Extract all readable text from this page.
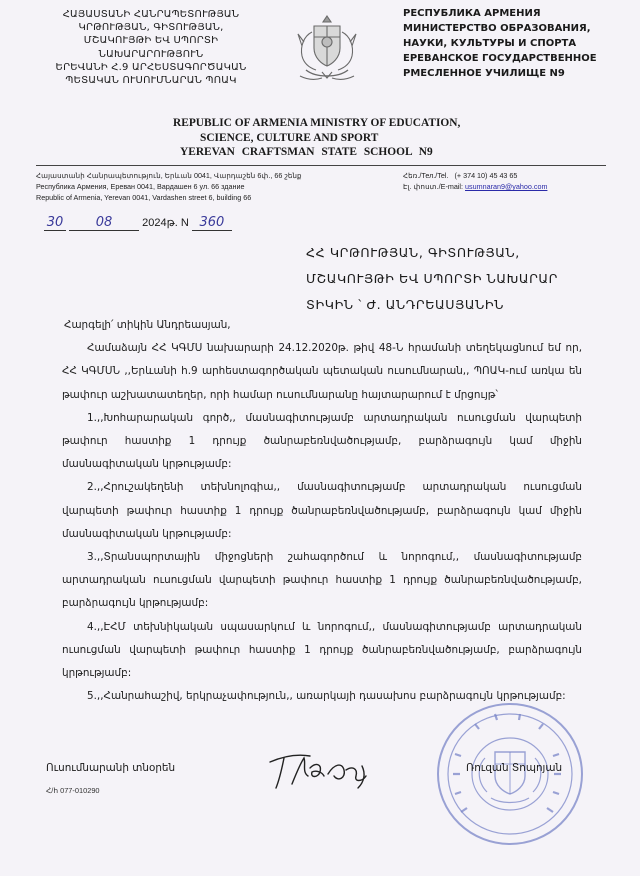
ՀԱՅԱՍՏԱՆԻ ՀԱՆՐԱՊԵՏՈՒԹՅԱՆ
ԿՐԹՈՒԹՅԱՆ, ԳԻՏՈՒԹՅԱՆ,
ՄՇԱԿՈՒՅԹԻ ԵՎ ՍՊՈՐՏԻ
ՆԱԽԱՐԱՐՈՒԹՅՈՒՆ
ԵՐԵՎԱՆԻ Հ.9 ԱՐՀԵՍՏԱԳՈՐԾԱԿԱՆ
ՊԵՏԱԿԱՆ ՈՒՍՈՒՄՆԱՐԱՆ ՊՈԱԿ
РЕСПУБЛИКА АРМЕНИЯ
МИНИСТЕРСТВО ОБРАЗОВАНИЯ,
НАУКИ, КУЛЬТУРЫ И СПОРТА
ЕРЕВАНСКОЕ ГОСУДАРСТВЕННОЕ
РМЕСЛЕННОЕ УЧИЛИЩЕ N9
REPUBLIC OF ARMENIA MINISTRY OF EDUCATION,
SCIENCE, CULTURE AND SPORT
YEREVAN CRAFTSMAN STATE SCHOOL N9
Հայաստանի Հանրապետություն, Երևան 0041, Վարդաշեն 6փ., 66 շենք
Республика Армения, Ереван 0041, Вардашен 6 ул. 66 здание
Republic of Armenia, Yerevan 0041, Vardashen street 6, building 66
Հեռ./Тел./Tel. (+ 374 10) 45 43 65
Էլ. փոստ./E-mail: usumnaran9@yahoo.com
30	08	2024թ. N 360
ՀՀ ԿՐԹՈՒԹՅԱՆ, ԳԻՏՈՒԹՅԱՆ,
ՄՇԱԿՈՒՅԹԻ ԵՎ ՍՊՈՐՏԻ ՆԱԽԱՐԱՐ
ՏԻԿԻՆ ՝ Ժ. ԱՆԴՐԵԱՍՅԱՆԻՆ

Հարգելի՛ տիկին Անդրեասյան,

Համաձայն ՀՀ ԿԳՄՍ նախարարի 24.12.2020թ. թիվ 48-Ն հրամանի տեղեկացնում եմ որ, ՀՀ ԿԳՄՍՆ ,,Երևանի հ.9 արհեստագործական պետական ուսումնարան,, ՊՈԱԿ-ում առկա են թափուր աշխատատեղեր, որի համար ուսումնարանը հայտարարում է մրցույթ՝

1.,,Խոհարարական գործ,, մասնագիտությամբ արտադրական ուսուցման վարպետի թափուր հաստիք 1 դրույք ծանրաբեռնվածությամբ, բարձրագույն կամ միջին մասնագիտական կրթությամբ:

2.,,Հրուշակեղենի տեխնոլոգիա,, մասնագիտությամբ արտադրական ուսուցման վարպետի թափուր հաստիք 1 դրույք ծանրաբեռնվածությամբ, բարձրագույն կամ միջին մասնագիտական կրթությամբ:

3.,,Տրանսպորտային միջոցների շահագործում և նորոգում,, մասնագիտությամբ արտադրական ուսուցման վարպետի թափուր հաստիք 1 դրույք ծանրաբեռնվածությամբ, բարձրագույն կրթությամբ:

4.,,ԷՀՄ տեխնիկական սպասարկում և նորոգում,, մասնագիտությամբ արտադրական ուսուցման վարպետի թափուր հաստիք 1 դրույք ծանրաբեռնվածությամբ, բարձրագույն կրթությամբ:

5.,,Հանրահաշիվ, երկրաչափություն,, առարկայի դասախոս բարձրագույն կրթությամբ:

Ուսումնարանի տնօրեն	Ռուզան Տոպոյան
Հ/հ 077-010290
